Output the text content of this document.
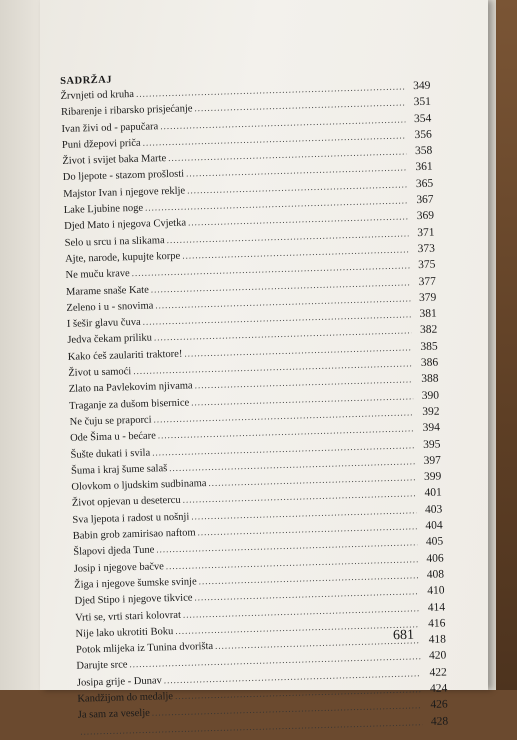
SADRŽAJ
Žrvnjeti od kruha
.....
349
Ribarenje i ribarsko prisjećanje
.....
351
Ivan živi od - papučara
.....
354
Puni džepovi priča
.....
356
Život i svijet baka Marte
.....
358
Do ljepote - stazom prošlosti
.....
361
Majstor Ivan i njegove reklje
.....
365
Lake Ljubine noge
.....
367
Djed Mato i njegova Cvjetka
.....
369
Selo u srcu i na slikama
.....
371
Ajte, narode, kupujte korpe
.....
373
Ne muču krave
.....
375
Marame snaše Kate
.....
377
Zeleno i u - snovima
.....
379
I šešir glavu čuva
.....
381
Jedva čekam priliku
.....
382
Kako ćeš zaulariti traktore!
.....
385
Život u samoći
.....
386
Zlato na Pavlekovim njivama
.....
388
Traganje za dušom bisernice
.....
390
Ne čuju se praporci
.....
392
Ode Šima u - bećare
.....
394
Šušte dukati i svila
.....
395
Šuma i kraj šume salaš
.....
397
Olovkom o ljudskim sudbinama
.....
399
Život opjevan u desetercu
.....
401
Sva ljepota i radost u nošnji
.....
403
Babin grob zamirisao naftom
.....
404
Šlapovi djeda Tune
.....
405
Josip i njegove bačve
.....
406
Žiga i njegove šumske svinje
.....
408
Djed Stipo i njegove tikvice
.....
410
Vrti se, vrti stari kolovrat
.....
414
Nije lako ukrotiti Boku
.....
416
Potok mlijeka iz Tunina dvorišta
.....
418
Darujte srce
.....
420
Josipa grije - Dunav
.....
422
Kandžijom do medalje
.....
424
Ja sam za veselje
.....
426
.....
428
681
